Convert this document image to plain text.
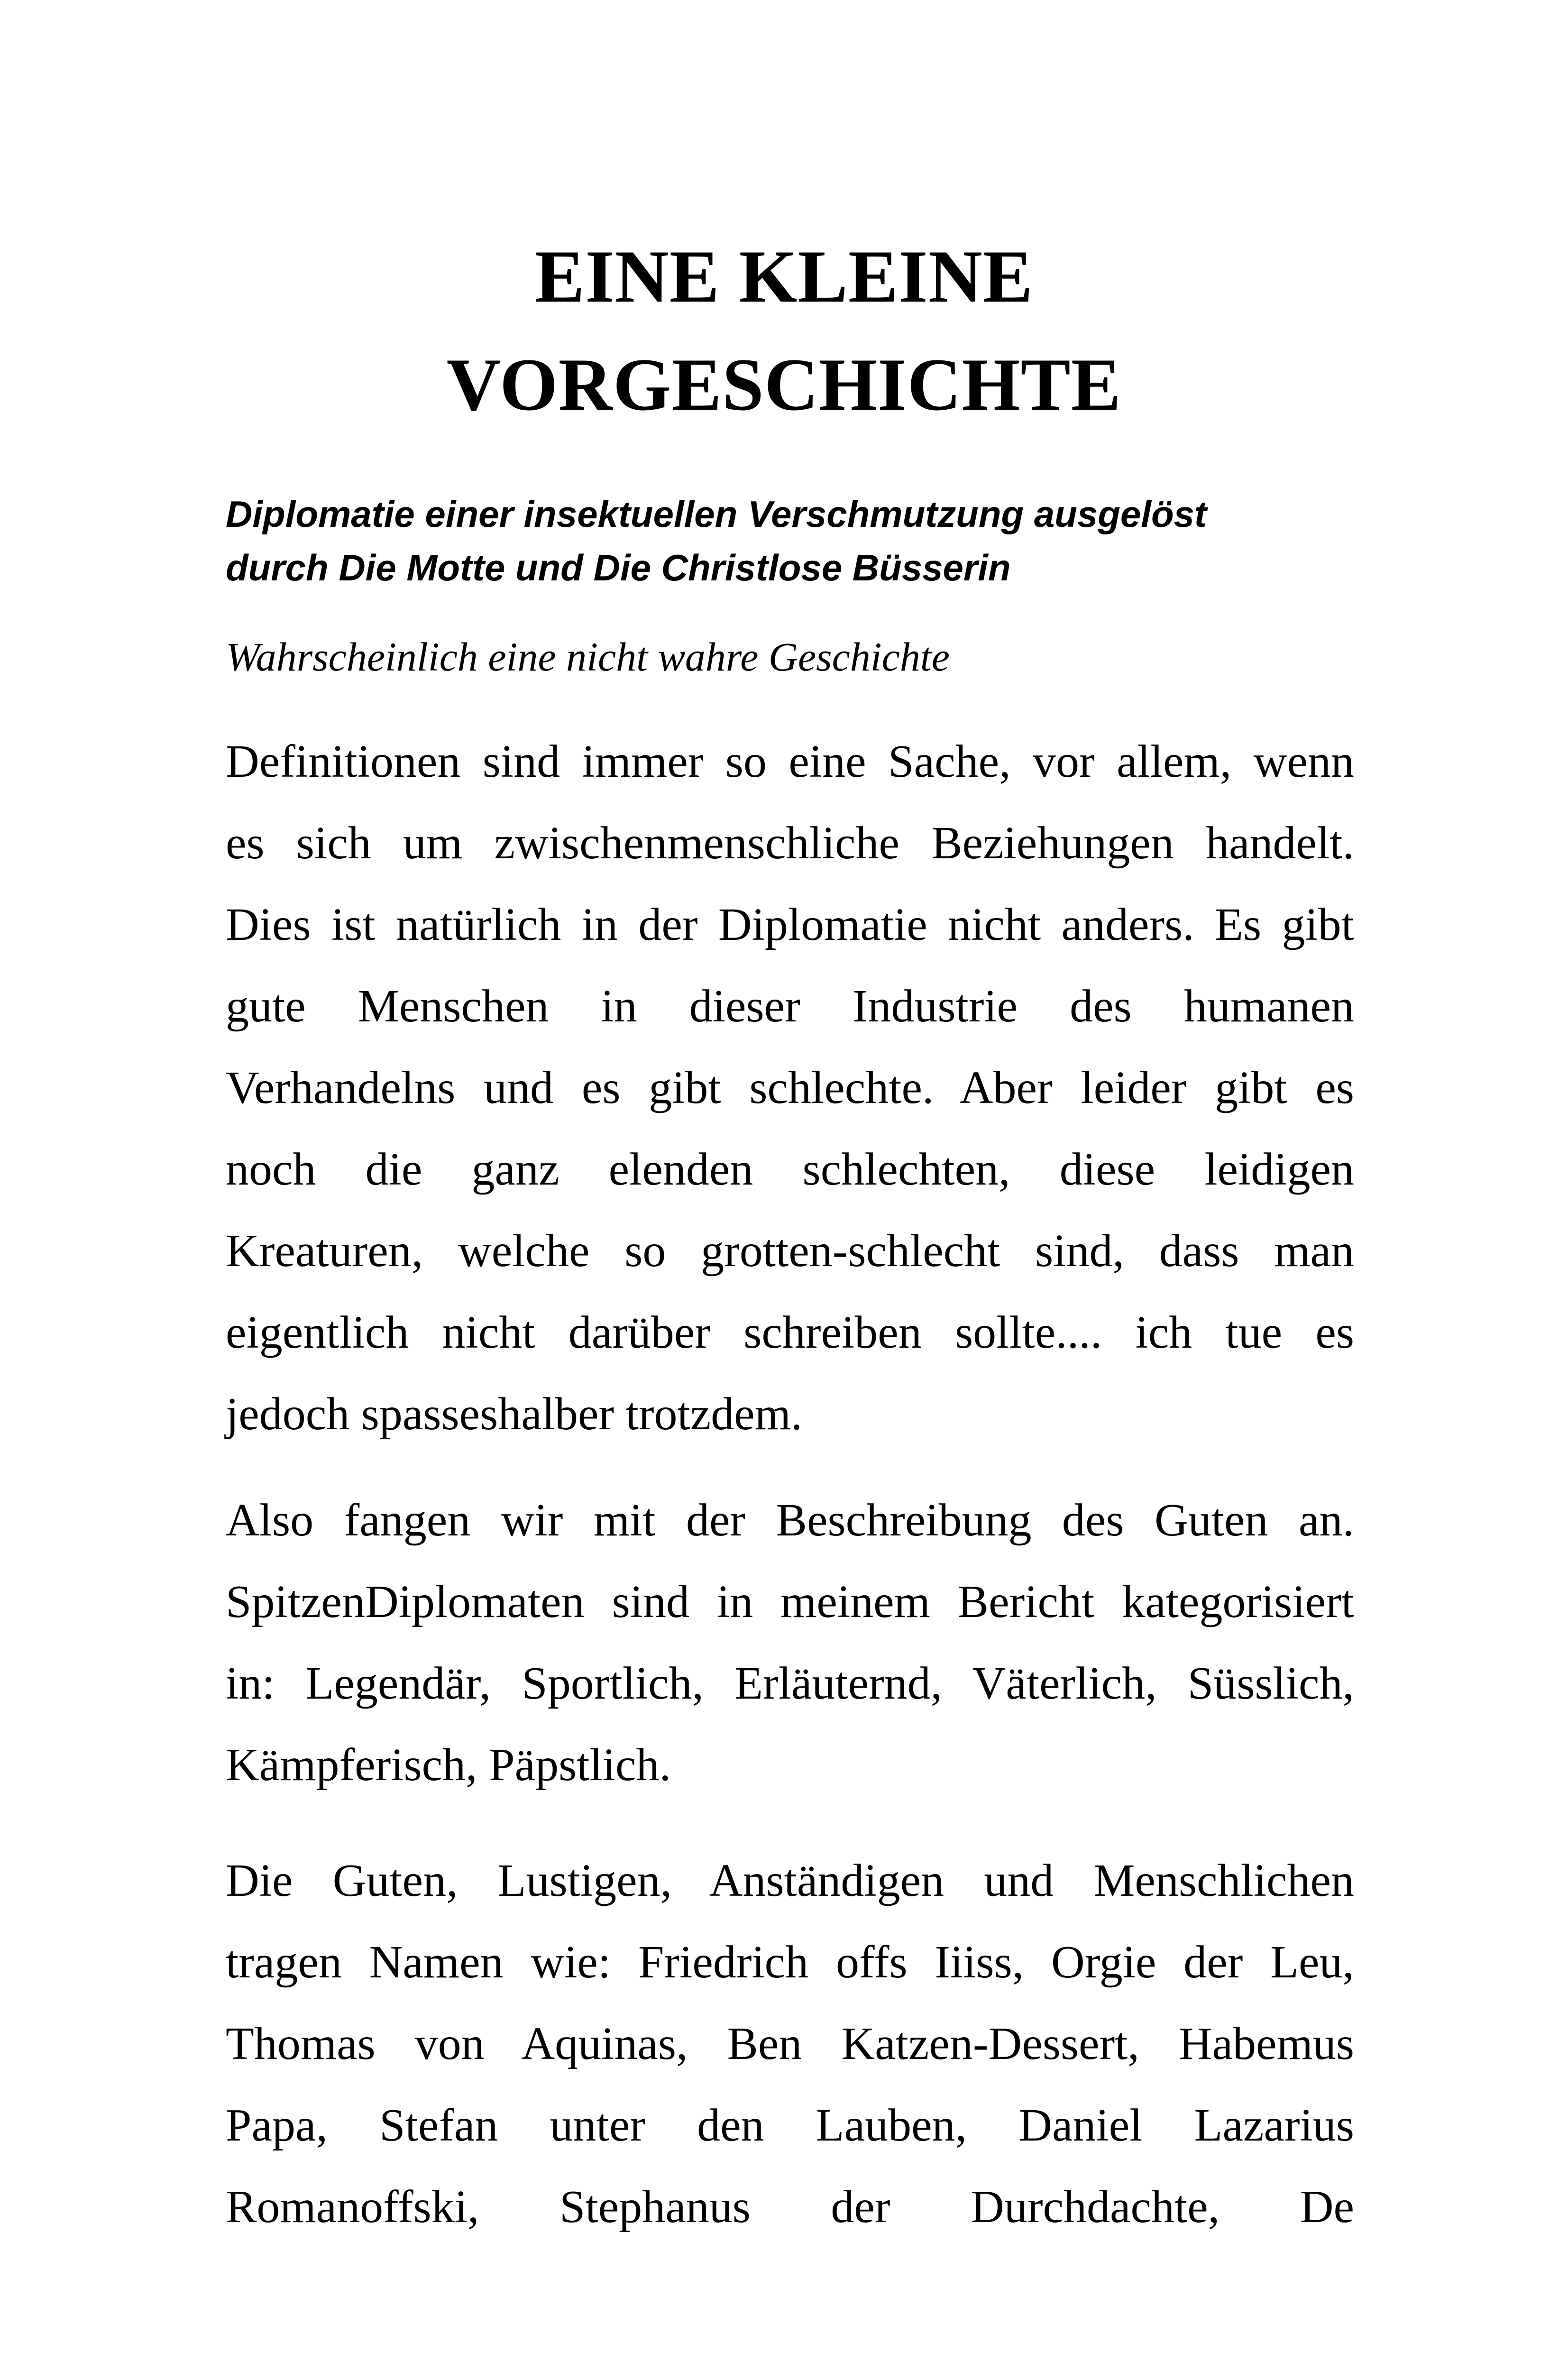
EINE KLEINE
VORGESCHICHTE

Diplomatie einer insektuellen Verschmutzung ausgelöst
durch Die Motte und Die Christlose Büsserin

Wahrscheinlich eine nicht wahre Geschichte

Definitionen sind immer so eine Sache, vor allem, wenn
es sich um zwischenmenschliche Beziehungen handelt.
Dies ist natürlich in der Diplomatie nicht anders. Es gibt
gute Menschen in dieser Industrie des humanen
Verhandelns und es gibt schlechte. Aber leider gibt es
noch die ganz elenden schlechten, diese leidigen
Kreaturen, welche so grotten-schlecht sind, dass man
eigentlich nicht darüber schreiben sollte.... ich tue es
jedoch spasseshalber trotzdem.

Also fangen wir mit der Beschreibung des Guten an.
SpitzenDiplomaten sind in meinem Bericht kategorisiert
in: Legendär, Sportlich, Erläuternd, Väterlich, Süsslich,
Kämpferisch, Päpstlich.

Die Guten, Lustigen, Anständigen und Menschlichen
tragen Namen wie: Friedrich offs Iiiss, Orgie der Leu,
Thomas von Aquinas, Ben Katzen-Dessert, Habemus
Papa, Stefan unter den Lauben, Daniel Lazarius
Romanoffski, Stephanus der Durchdachte, De
